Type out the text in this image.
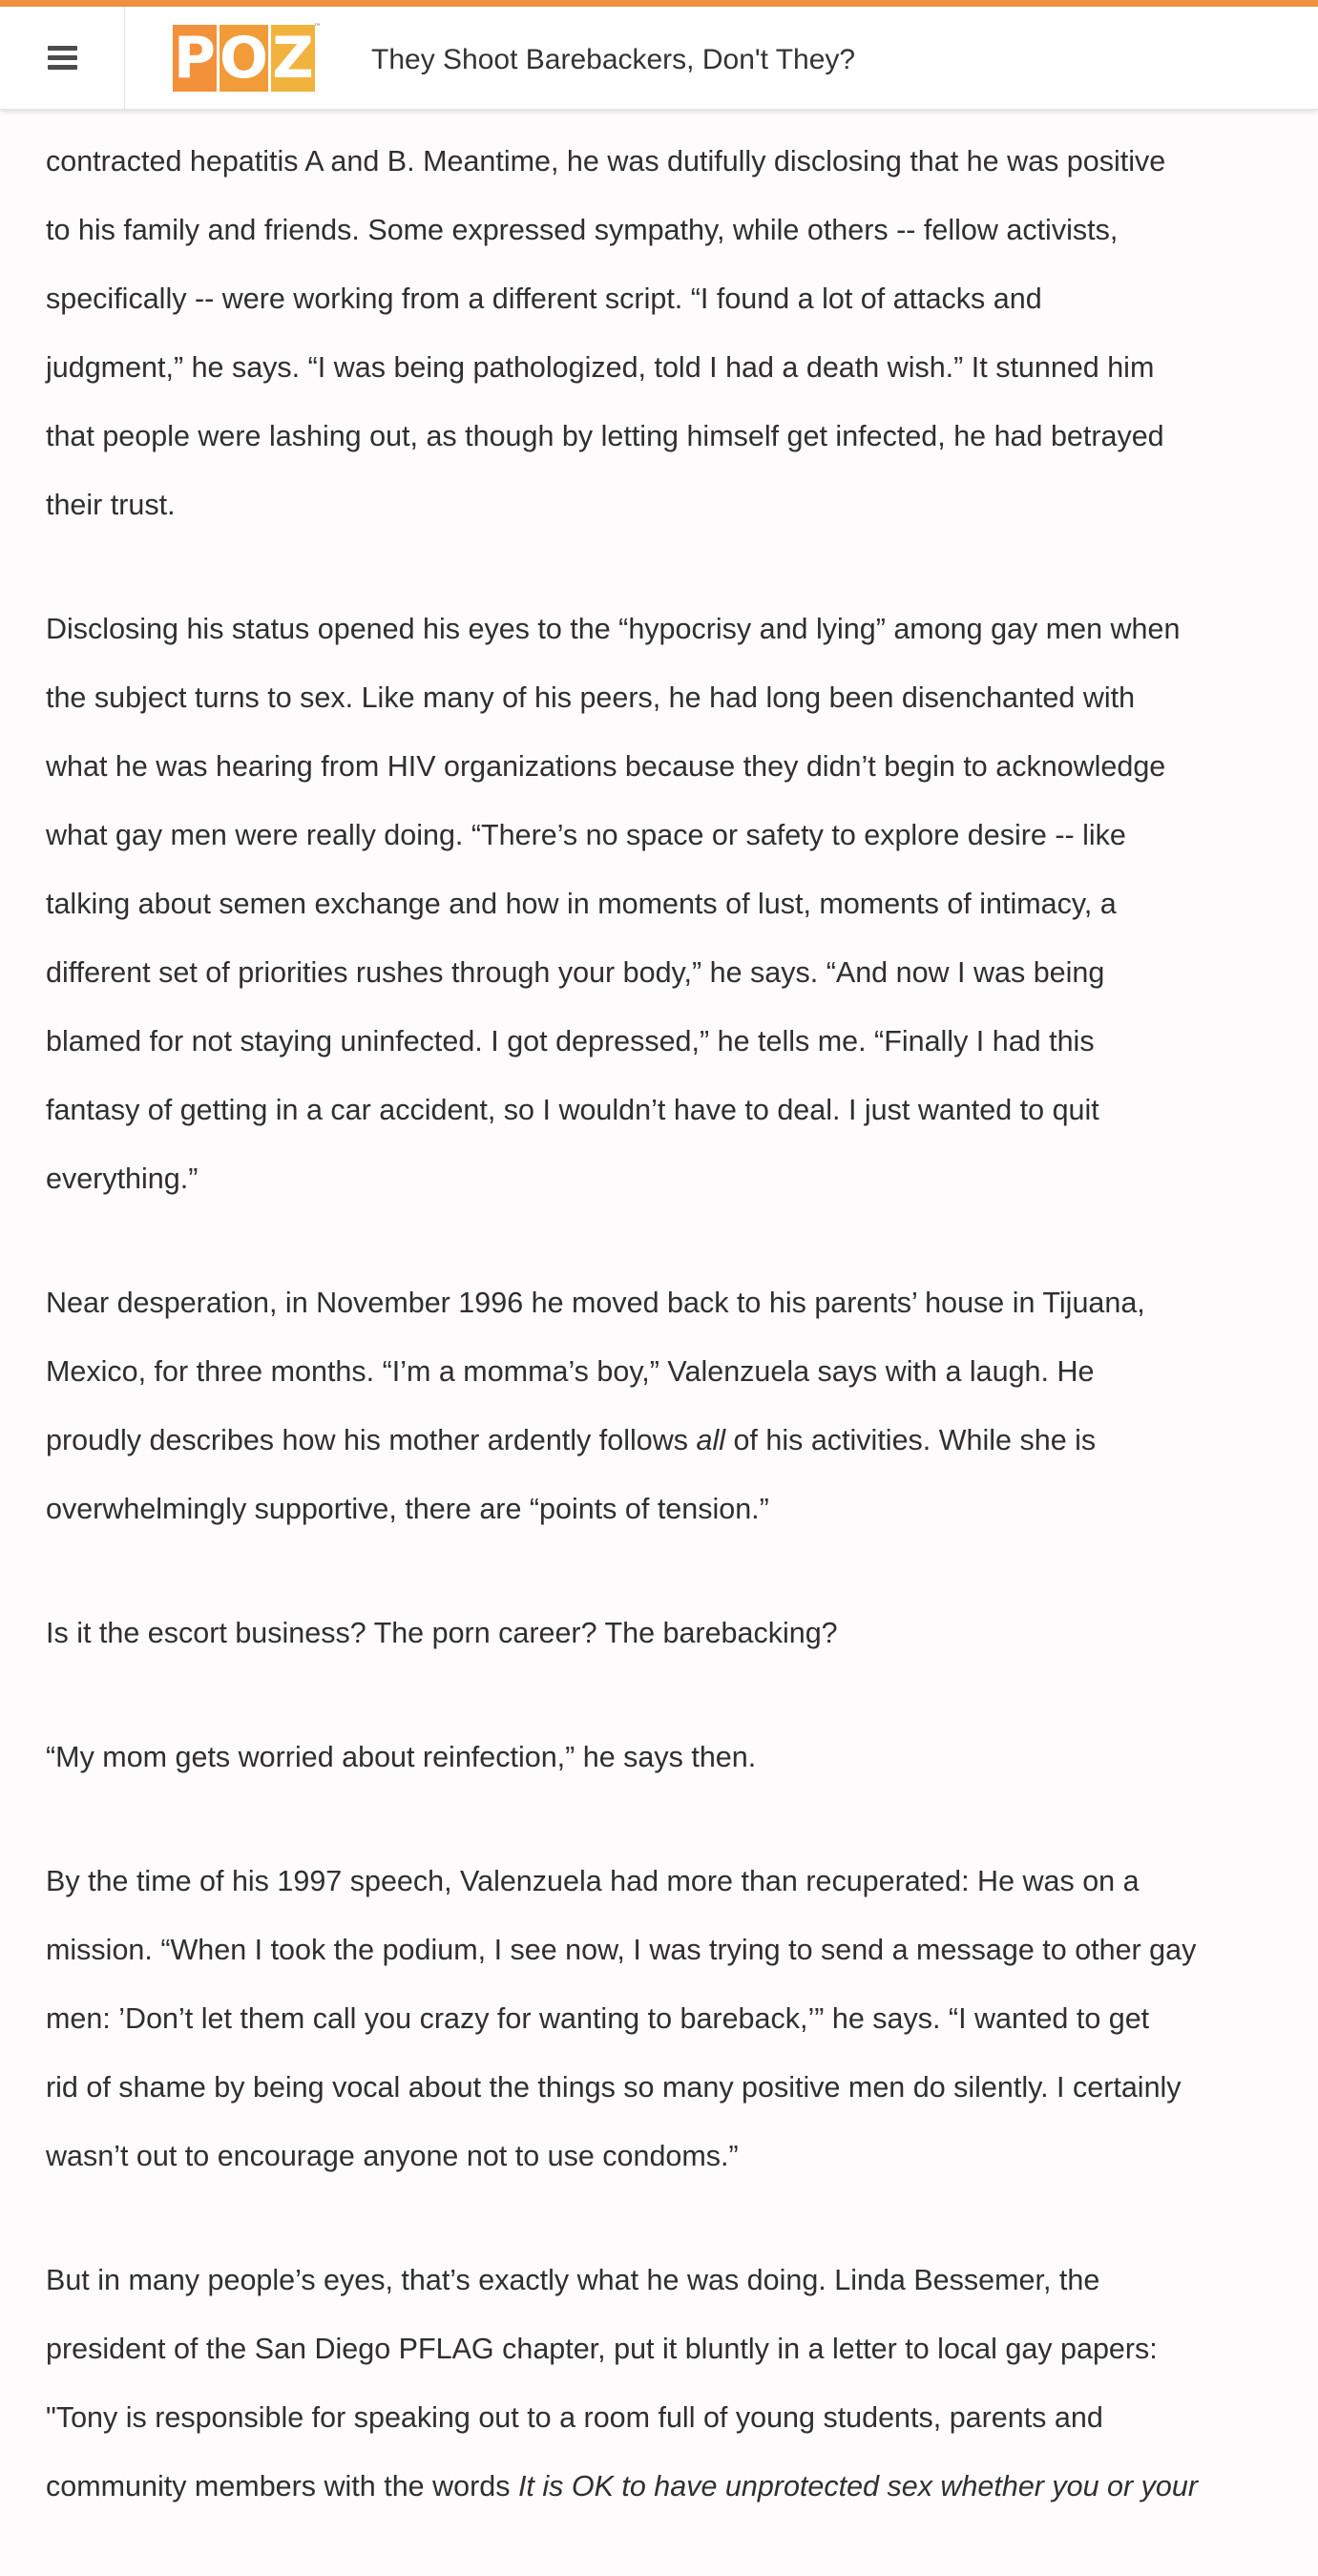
P O Z ™
They Shoot Barebackers, Don't They?

contracted hepatitis A and B. Meantime, he was dutifully disclosing that he was positive
to his family and friends. Some expressed sympathy, while others -- fellow activists,
specifically -- were working from a different script. “I found a lot of attacks and
judgment,” he says. “I was being pathologized, told I had a death wish.” It stunned him
that people were lashing out, as though by letting himself get infected, he had betrayed
their trust.

Disclosing his status opened his eyes to the “hypocrisy and lying” among gay men when
the subject turns to sex. Like many of his peers, he had long been disenchanted with
what he was hearing from HIV organizations because they didn’t begin to acknowledge
what gay men were really doing. “There’s no space or safety to explore desire -- like
talking about semen exchange and how in moments of lust, moments of intimacy, a
different set of priorities rushes through your body,” he says. “And now I was being
blamed for not staying uninfected. I got depressed,” he tells me. “Finally I had this
fantasy of getting in a car accident, so I wouldn’t have to deal. I just wanted to quit
everything.”

Near desperation, in November 1996 he moved back to his parents’ house in Tijuana,
Mexico, for three months. “I’m a momma’s boy,” Valenzuela says with a laugh. He
proudly describes how his mother ardently follows all of his activities. While she is
overwhelmingly supportive, there are “points of tension.”

Is it the escort business? The porn career? The barebacking?

“My mom gets worried about reinfection,” he says then.

By the time of his 1997 speech, Valenzuela had more than recuperated: He was on a
mission. “When I took the podium, I see now, I was trying to send a message to other gay
men: ’Don’t let them call you crazy for wanting to bareback,’” he says. “I wanted to get
rid of shame by being vocal about the things so many positive men do silently. I certainly
wasn’t out to encourage anyone not to use condoms.”

But in many people’s eyes, that’s exactly what he was doing. Linda Bessemer, the
president of the San Diego PFLAG chapter, put it bluntly in a letter to local gay papers:
"Tony is responsible for speaking out to a room full of young students, parents and
community members with the words It is OK to have unprotected sex whether you or your
